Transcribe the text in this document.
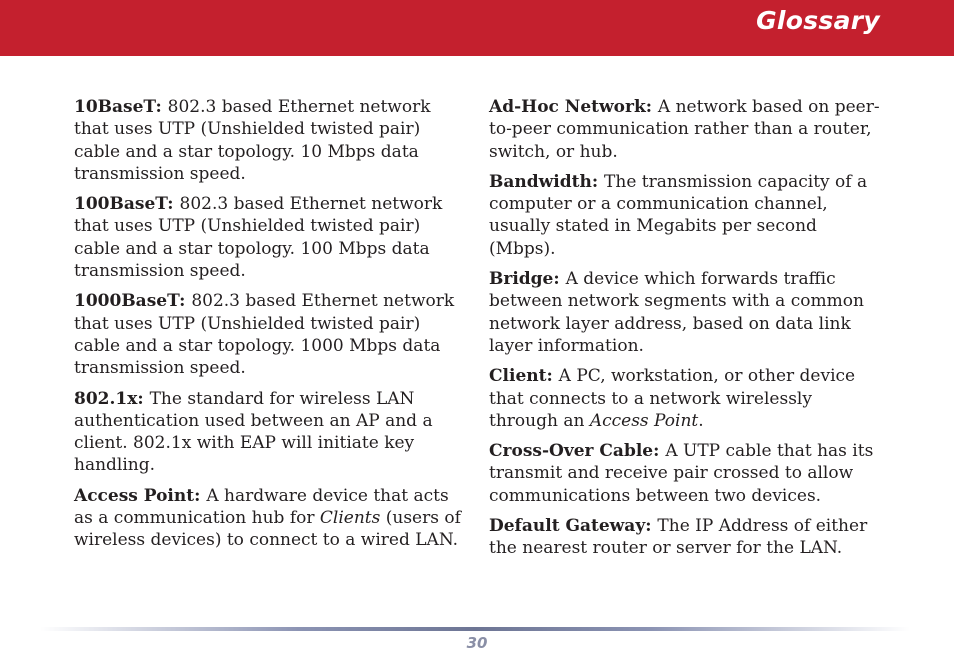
Glossary

10BaseT:802.3 based Ethernet network that uses UTP (Unshielded twisted pair) cable and a star topology. 10 Mbps data transmission speed.

100BaseT:802.3 based Ethernet network that uses UTP (Unshielded twisted pair) cable and a star topology. 100 Mbps data transmission speed.

1000BaseT:802.3 based Ethernet network that uses UTP (Unshielded twisted pair) cable and a star topology. 1000 Mbps data transmission speed.

802.1x: The standard for wireless LAN authentication used between an AP and a client. 802.1x with EAP will initiate key handling.

Access Point:A hardware device that acts as a communication hub for Clients (users of wireless devices) to connect to a wired LAN.

Ad-Hoc Network: A network based on peer-to-peer communication rather than a router, switch, or hub.

Bandwidth:The transmission capacity of a computer or a communication channel, usually stated in Megabits per second (Mbps).

Bridge:A device which forwards traffic between network segments with a common network layer address, based on data link layer information.

Client:A PC, workstation, or other device that connects to a network wirelessly through an Access Point.

Cross-Over Cable: A UTP cable that has its transmit and receive pair crossed to allow communications between two devices.

Default Gateway: The IP Address of either the nearest router or server for the LAN.

30
